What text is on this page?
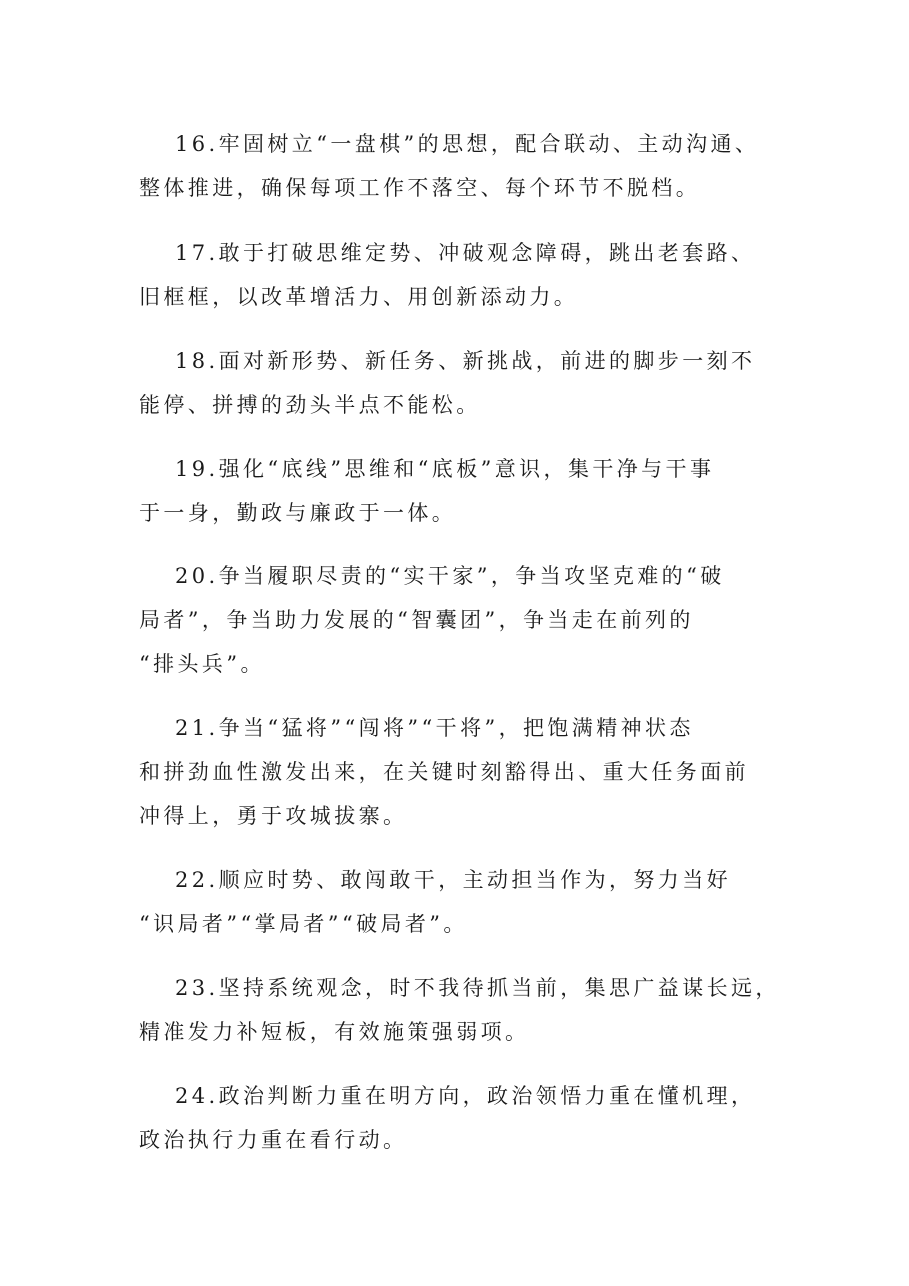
16.牢固树立“一盘棋”的思想，配合联动、主动沟通、
整体推进，确保每项工作不落空、每个环节不脱档。

17.敢于打破思维定势、冲破观念障碍，跳出老套路、
旧框框，以改革增活力、用创新添动力。

18.面对新形势、新任务、新挑战，前进的脚步一刻不
能停、拼搏的劲头半点不能松。

19.强化“底线”思维和“底板”意识，集干净与干事
于一身，勤政与廉政于一体。

20.争当履职尽责的“实干家”，争当攻坚克难的“破
局者”，争当助力发展的“智囊团”，争当走在前列的
“排头兵”。

21.争当“猛将”“闯将”“干将”，把饱满精神状态
和拼劲血性激发出来，在关键时刻豁得出、重大任务面前
冲得上，勇于攻城拔寨。

22.顺应时势、敢闯敢干，主动担当作为，努力当好
“识局者”“掌局者”“破局者”。

23.坚持系统观念，时不我待抓当前，集思广益谋长远，
精准发力补短板，有效施策强弱项。

24.政治判断力重在明方向，政治领悟力重在懂机理，
政治执行力重在看行动。
